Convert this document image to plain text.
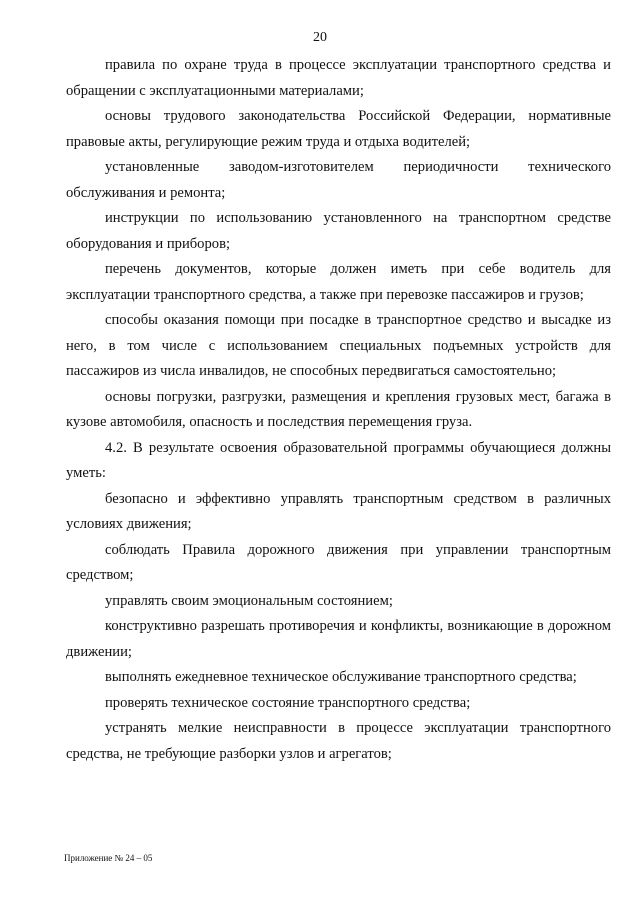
20

правила по охране труда в процессе эксплуатации транспортного средства и обращении с эксплуатационными материалами;

основы трудового законодательства Российской Федерации, нормативные правовые акты, регулирующие режим труда и отдыха водителей;

установленные заводом-изготовителем периодичности технического обслуживания и ремонта;

инструкции по использованию установленного на транспортном средстве оборудования и приборов;

перечень документов, которые должен иметь при себе водитель для эксплуатации транспортного средства, а также при перевозке пассажиров и грузов;

способы оказания помощи при посадке в транспортное средство и высадке из него, в том числе с использованием специальных подъемных устройств для пассажиров из числа инвалидов, не способных передвигаться самостоятельно;

основы погрузки, разгрузки, размещения и крепления грузовых мест, багажа в кузове автомобиля, опасность и последствия перемещения груза.

4.2. В результате освоения образовательной программы обучающиеся должны уметь:

безопасно и эффективно управлять транспортным средством в различных условиях движения;

соблюдать Правила дорожного движения при управлении транспортным средством;

управлять своим эмоциональным состоянием;

конструктивно разрешать противоречия и конфликты, возникающие в дорожном движении;

выполнять ежедневное техническое обслуживание транспортного средства;

проверять техническое состояние транспортного средства;

устранять мелкие неисправности в процессе эксплуатации транспортного средства, не требующие разборки узлов и агрегатов;

Приложение № 24 – 05
